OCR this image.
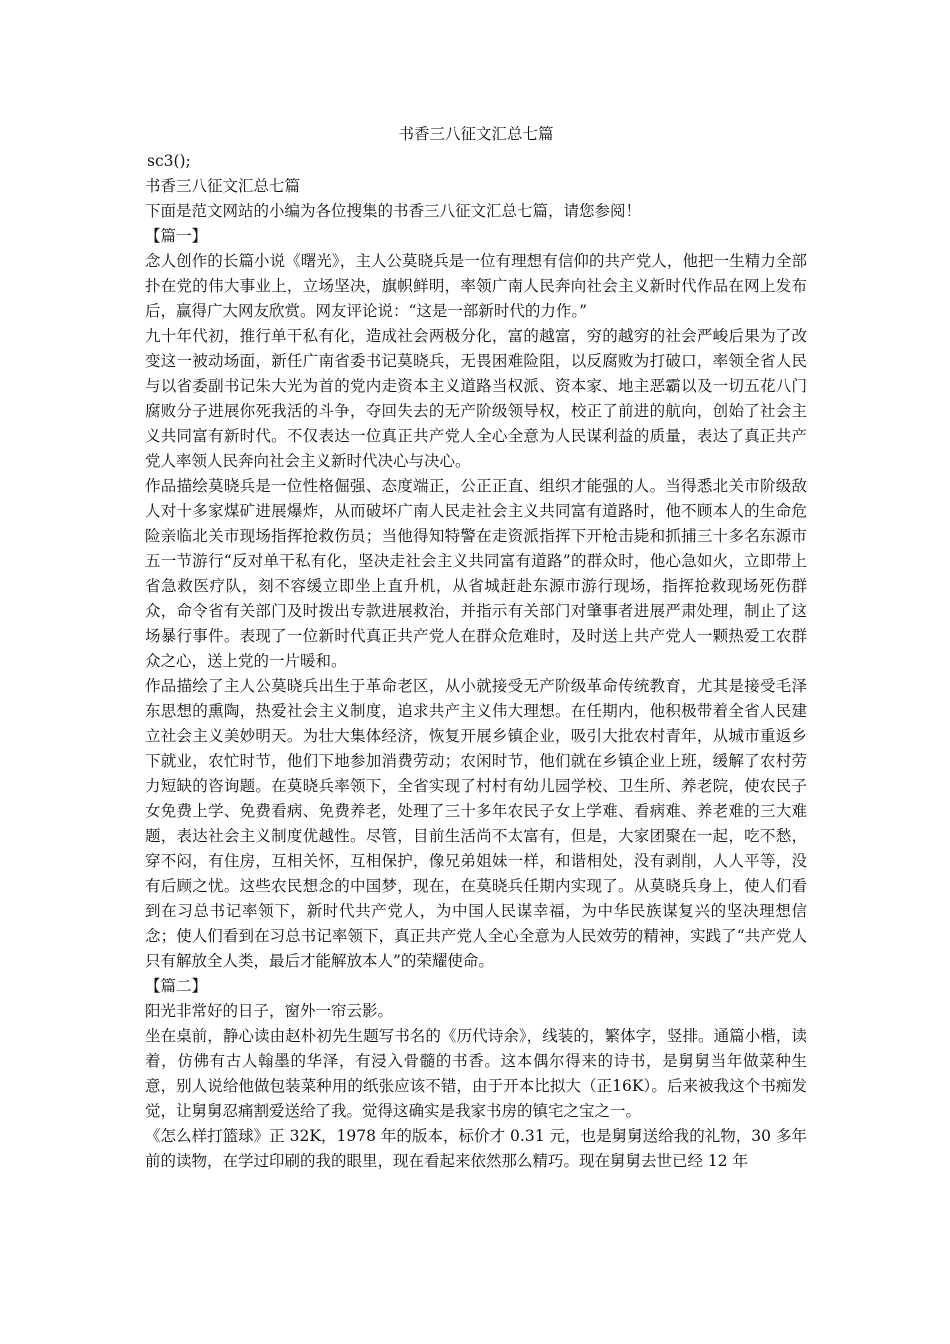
书香三八征文汇总七篇

sc3();

书香三八征文汇总七篇

下面是范文网站的小编为各位搜集的书香三八征文汇总七篇，请您参阅！

【篇一】

念人创作的长篇小说《曙光》，主人公莫晓兵是一位有理想有信仰的共产党人，他把一生精力全部扑在党的伟大事业上，立场坚决，旗帜鲜明，率领广南人民奔向社会主义新时代作品在网上发布后，赢得广大网友欣赏。网友评论说：“这是一部新时代的力作。”

九十年代初，推行单干私有化，造成社会两极分化，富的越富，穷的越穷的社会严峻后果为了改变这一被动场面，新任广南省委书记莫晓兵，无畏困难险阻，以反腐败为打破口，率领全省人民与以省委副书记朱大光为首的党内走资本主义道路当权派、资本家、地主恶霸以及一切五花八门腐败分子进展你死我活的斗争，夺回失去的无产阶级领导权，校正了前进的航向，创始了社会主义共同富有新时代。不仅表达一位真正共产党人全心全意为人民谋利益的质量，表达了真正共产党人率领人民奔向社会主义新时代决心与决心。

作品描绘莫晓兵是一位性格倔强、态度端正，公正正直、组织才能强的人。当得悉北关市阶级敌人对十多家煤矿进展爆炸，从而破坏广南人民走社会主义共同富有道路时，他不顾本人的生命危险亲临北关市现场指挥抢救伤员；当他得知特警在走资派指挥下开枪击毙和抓捕三十多名东源市五一节游行“反对单干私有化，坚决走社会主义共同富有道路”的群众时，他心急如火，立即带上省急救医疗队，刻不容缓立即坐上直升机，从省城赶赴东源市游行现场，指挥抢救现场死伤群众，命令省有关部门及时拨出专款进展救治，并指示有关部门对肇事者进展严肃处理，制止了这场暴行事件。表现了一位新时代真正共产党人在群众危难时，及时送上共产党人一颗热爱工农群众之心，送上党的一片暖和。

作品描绘了主人公莫晓兵出生于革命老区，从小就接受无产阶级革命传统教育，尤其是接受毛泽东思想的熏陶，热爱社会主义制度，追求共产主义伟大理想。在任期内，他积极带着全省人民建立社会主义美妙明天。为壮大集体经济，恢复开展乡镇企业，吸引大批农村青年，从城市重返乡下就业，农忙时节，他们下地参加消费劳动；农闲时节，他们就在乡镇企业上班，缓解了农村劳力短缺的咨询题。在莫晓兵率领下，全省实现了村村有幼儿园学校、卫生所、养老院，使农民子女免费上学、免费看病、免费养老，处理了三十多年农民子女上学难、看病难、养老难的三大难题，表达社会主义制度优越性。尽管，目前生活尚不太富有，但是，大家团聚在一起，吃不愁，穿不闷，有住房，互相关怀，互相保护，像兄弟姐妹一样，和谐相处，没有剥削，人人平等，没有后顾之忧。这些农民想念的中国梦，现在，在莫晓兵任期内实现了。从莫晓兵身上，使人们看到在习总书记率领下，新时代共产党人，为中国人民谋幸福，为中华民族谋复兴的坚决理想信念；使人们看到在习总书记率领下，真正共产党人全心全意为人民效劳的精神，实践了“共产党人只有解放全人类，最后才能解放本人”的荣耀使命。

【篇二】

阳光非常好的日子，窗外一帘云影。

坐在桌前，静心读由赵朴初先生题写书名的《历代诗余》，线装的，繁体字，竖排。通篇小楷，读着，仿佛有古人翰墨的华泽，有浸入骨髓的书香。这本偶尔得来的诗书，是舅舅当年做菜种生意，别人说给他做包装菜种用的纸张应该不错，由于开本比拟大（正16K）。后来被我这个书痴发觉，让舅舅忍痛割爱送给了我。觉得这确实是我家书房的镇宅之宝之一。

《怎么样打篮球》正 32K，1978 年的版本，标价才 0.31 元，也是舅舅送给我的礼物，30 多年前的读物，在学过印刷的我的眼里，现在看起来依然那么精巧。现在舅舅去世已经 12 年
